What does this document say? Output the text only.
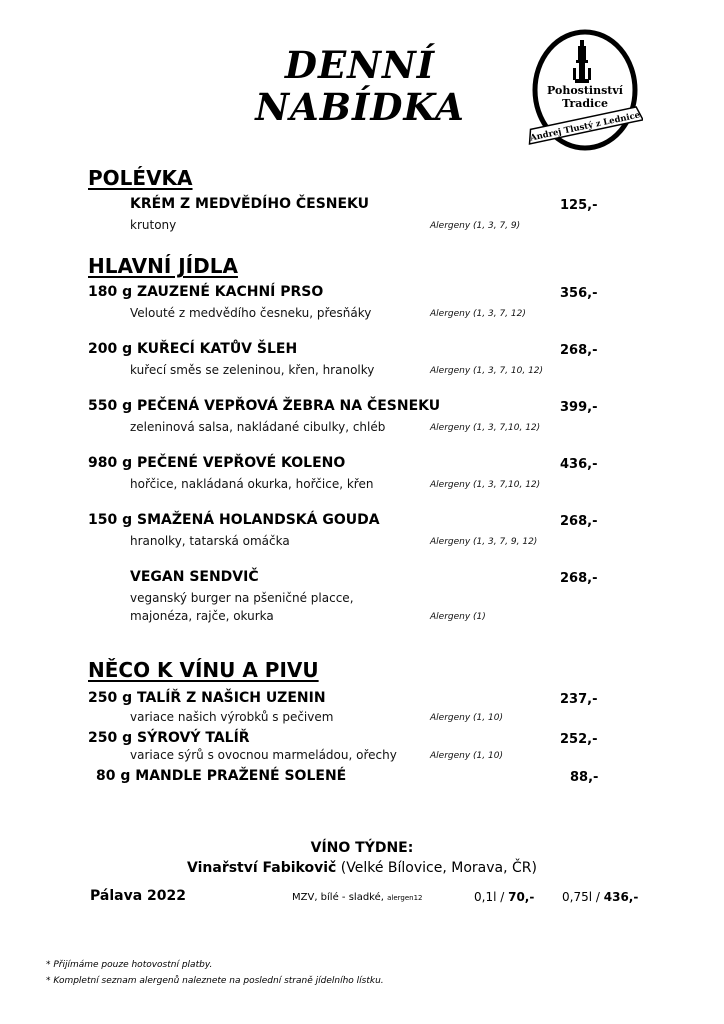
DENNÍ
NABÍDKA	Pohostinství
Tradice
Andrej Tlustý z Lednice
POLÉVKA
KRÉM Z MEDVĚDÍHO ČESNEKU	125,-
krutony	Alergeny (1, 3, 7, 9)
HLAVNÍ JÍDLA
180 g ZAUZENÉ KACHNÍ PRSO	356,-
Velouté z medvědího česneku, přesňáky	Alergeny (1, 3, 7, 12)
200 g KUŘECÍ KATŮV ŠLEH	268,-
kuřecí směs se zeleninou, křen, hranolky	Alergeny (1, 3, 7, 10, 12)
550 g PEČENÁ VEPŘOVÁ ŽEBRA NA ČESNEKU	399,-
zeleninová salsa, nakládané cibulky, chléb	Alergeny (1, 3, 7,10, 12)
980 g PEČENÉ VEPŘOVÉ KOLENO	436,-
hořčice, nakládaná okurka, hořčice, křen	Alergeny (1, 3, 7,10, 12)
150 g SMAŽENÁ HOLANDSKÁ GOUDA	268,-
hranolky, tatarská omáčka	Alergeny (1, 3, 7, 9, 12)
VEGAN SENDVIČ	268,-
veganský burger na pšeničné placce,
majonéza, rajče, okurka	Alergeny (1)
NĚCO K VÍNU A PIVU
250 g TALÍŘ Z NAŠICH UZENIN	237,-
variace našich výrobků s pečivem	Alergeny (1, 10)
250 g SÝROVÝ TALÍŘ	252,-
variace sýrů s ovocnou marmeládou, ořechy	Alergeny (1, 10)
80 g MANDLE PRAŽENÉ SOLENÉ	88,-
VÍNO TÝDNE:
Vinařství Fabikovič (Velké Bílovice, Morava, ČR)
Pálava 2022	MZV, bílé - sladké, alergen12	0,1l / 70,- 0,75l / 436,-
* Přijímáme pouze hotovostní platby.
* Kompletní seznam alergenů naleznete na poslední straně jídelního lístku.
